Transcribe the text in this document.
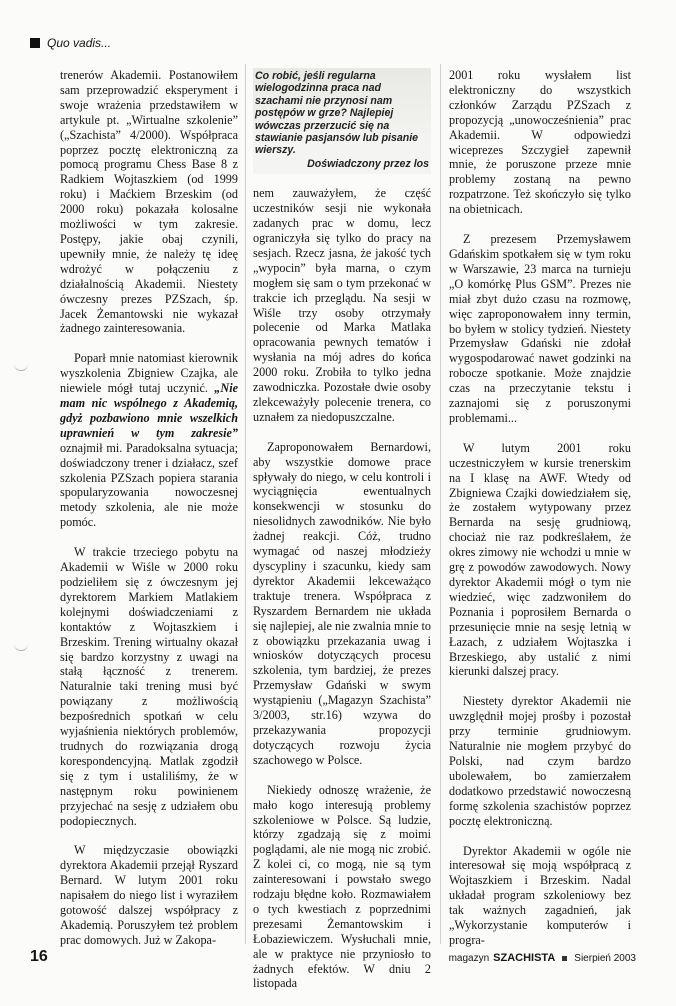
Quo vadis...

trenerów Akademii. Postanowiłem sam przeprowadzić eksperyment i swoje wrażenia przedstawiłem w artykule pt. „Wirtualne szkolenie” („Szachista” 4/2000). Współpraca poprzez pocztę elektroniczną za pomocą programu Chess Base 8 z Radkiem Wojtaszkiem (od 1999 roku) i Maćkiem Brzeskim (od 2000 roku) pokazała kolosalne możliwości w tym zakresie. Postępy, jakie obaj czynili, upewniły mnie, że należy tę ideę wdrożyć w połączeniu z działalnością Akademii. Niestety ówczesny prezes PZSzach, śp. Jacek Żemantowski nie wykazał żadnego zainteresowania.

Poparł mnie natomiast kierownik wyszkolenia Zbigniew Czajka, ale niewiele mógł tutaj uczynić. „Nie mam nic wspólnego z Akademią, gdyż pozbawiono mnie wszelkich uprawnień w tym zakresie” oznajmił mi. Paradoksalna sytuacja; doświadczony trener i działacz, szef szkolenia PZSzach popiera starania spopularyzowania nowoczesnej metody szkolenia, ale nie może pomóc.

W trakcie trzeciego pobytu na Akademii w Wiśle w 2000 roku podzieliłem się z ówczesnym jej dyrektorem Markiem Matlakiem kolejnymi doświadczeniami z kontaktów z Wojtaszkiem i Brzeskim. Trening wirtualny okazał się bardzo korzystny z uwagi na stałą łączność z trenerem. Naturalnie taki trening musi być powiązany z możliwością bezpośrednich spotkań w celu wyjaśnienia niektórych problemów, trudnych do rozwiązania drogą korespondencyjną. Matlak zgodził się z tym i ustaliliśmy, że w następnym roku powinienem przyjechać na sesję z udziałem obu podopiecznych.

W międzyczasie obowiązki dyrektora Akademii przejął Ryszard Bernard. W lutym 2001 roku napisałem do niego list i wyraziłem gotowość dalszej współpracy z Akademią. Poruszyłem też problem prac domowych. Już w Zakopa-

Co robić, jeśli regularna wielogodzinna praca nad szachami nie przynosi nam postępów w grze? Najlepiej wówczas przerzucić się na stawianie pasjansów lub pisanie wierszy.
Doświadczony przez los

nem zauważyłem, że część uczestników sesji nie wykonała zadanych prac w domu, lecz ograniczyła się tylko do pracy na sesjach. Rzecz jasna, że jakość tych „wypocin” była marna, o czym mogłem się sam o tym przekonać w trakcie ich przeglądu. Na sesji w Wiśle trzy osoby otrzymały polecenie od Marka Matlaka opracowania pewnych tematów i wysłania na mój adres do końca 2000 roku. Zrobiła to tylko jedna zawodniczka. Pozostałe dwie osoby zlekceważyły polecenie trenera, co uznałem za niedopuszczalne.

Zaproponowałem Bernardowi, aby wszystkie domowe prace spływały do niego, w celu kontroli i wyciągnięcia ewentualnych konsekwencji w stosunku do niesolidnych zawodników. Nie było żadnej reakcji. Cóż, trudno wymagać od naszej młodzieży dyscypliny i szacunku, kiedy sam dyrektor Akademii lekceważąco traktuje trenera. Współpraca z Ryszardem Bernardem nie układa się najlepiej, ale nie zwalnia mnie to z obowiązku przekazania uwag i wniosków dotyczących procesu szkolenia, tym bardziej, że prezes Przemysław Gdański w swym wystąpieniu („Magazyn Szachista” 3/2003, str.16) wzywa do przekazywania propozycji dotyczących rozwoju życia szachowego w Polsce.

Niekiedy odnoszę wrażenie, że mało kogo interesują problemy szkoleniowe w Polsce. Są ludzie, którzy zgadzają się z moimi poglądami, ale nie mogą nic zrobić. Z kolei ci, co mogą, nie są tym zainteresowani i powstało swego rodzaju błędne koło. Rozmawiałem o tych kwestiach z poprzednimi prezesami Żemantowskim i Łobaziewiczem. Wysłuchali mnie, ale w praktyce nie przyniosło to żadnych efektów. W dniu 2 listopada

2001 roku wysłałem list elektroniczny do wszystkich członków Zarządu PZSzach z propozycją „unowocześnienia” prac Akademii. W odpowiedzi wiceprezes Szczygieł zapewnił mnie, że poruszone przeze mnie problemy zostaną na pewno rozpatrzone. Też skończyło się tylko na obietnicach.

Z prezesem Przemysławem Gdańskim spotkałem się w tym roku w Warszawie, 23 marca na turnieju „O komórkę Plus GSM”. Prezes nie miał zbyt dużo czasu na rozmowę, więc zaproponowałem inny termin, bo byłem w stolicy tydzień. Niestety Przemysław Gdański nie zdołał wygospodarować nawet godzinki na robocze spotkanie. Może znajdzie czas na przeczytanie tekstu i zaznajomi się z poruszonymi problemami...

W lutym 2001 roku uczestniczyłem w kursie trenerskim na I klasę na AWF. Wtedy od Zbigniewa Czajki dowiedziałem się, że zostałem wytypowany przez Bernarda na sesję grudniową, chociaż nie raz podkreślałem, że okres zimowy nie wchodzi u mnie w grę z powodów zawodowych. Nowy dyrektor Akademii mógł o tym nie wiedzieć, więc zadzwoniłem do Poznania i poprosiłem Bernarda o przesunięcie mnie na sesję letnią w Łazach, z udziałem Wojtaszka i Brzeskiego, aby ustalić z nimi kierunki dalszej pracy.

Niestety dyrektor Akademii nie uwzględnił mojej prośby i pozostał przy terminie grudniowym. Naturalnie nie mogłem przybyć do Polski, nad czym bardzo ubolewałem, bo zamierzałem dodatkowo przedstawić nowoczesną formę szkolenia szachistów poprzez pocztę elektroniczną.

Dyrektor Akademii w ogóle nie interesował się moją współpracą z Wojtaszkiem i Brzeskim. Nadal układał program szkoleniowy bez tak ważnych zagadnień, jak „Wykorzystanie komputerów i progra-

16	magazyn SZACHISTA Sierpień 2003
